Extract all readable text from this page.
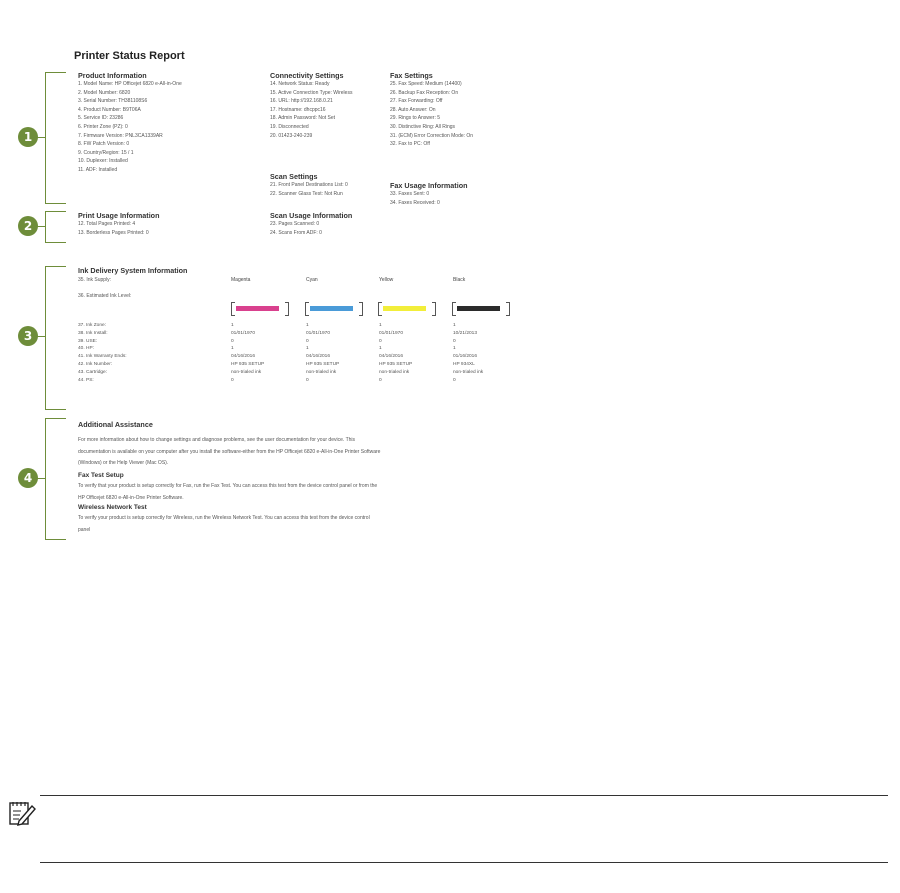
Printer Status Report
1
2
3
4
Product Information
1. Model Name: HP Officejet 6820 e-All-in-One
2. Model Number: 6820
3. Serial Number: TH381108S6
4. Product Number: B9T06A
5. Service ID: 23286
6. Printer Zone (PZ): 0
7. Firmware Version: PNL3CA1339AR
8. FW Patch Version: 0
9. Country/Region: 15 / 1
10. Duplexer: Installed
11. ADF: Installed
Connectivity Settings
14. Network Status: Ready
15. Active Connection Type: Wireless
16. URL: http://192.168.0.21
17. Hostname: dhcppc16
18. Admin Password: Not Set
19. Disconnected
20. 01423-240-239
Fax Settings
25. Fax Speed: Medium (14400)
26. Backup Fax Reception: On
27. Fax Forwarding: Off
28. Auto Answer: On
29. Rings to Answer: 5
30. Distinctive Ring: All Rings
31. (ECM) Error Correction Mode: On
32. Fax to PC: Off
Scan Settings
21. Front Panel Destinations List: 0
22. Scanner Glass Test: Not Run
Fax Usage Information
33. Faxes Sent: 0
34. Faxes Received: 0
Print Usage Information
12. Total Pages Printed: 4
13. Borderless Pages Printed: 0
Scan Usage Information
23. Pages Scanned: 0
24. Scans From ADF: 0
Ink Delivery System Information
35. Ink Supply:
36. Estimated Ink Level:
Magenta	Cyan	Yellow	Black
37. Ink Zone:	1	1	1	1
38. Ink Install:	01/01/1970	01/01/1970	01/01/1970	10/21/2013
39. USE:	0	0	0	0
40. HP:	1	1	1	1
41. Ink Warranty Ends:	04/16/2016	04/16/2016	04/16/2016	01/16/2016
42. Ink Number:	HP 935 SETUP	HP 935 SETUP	HP 935 SETUP	HP 934XL
43. Cartridge:	non-trialed ink	non-trialed ink	non-trialed ink	non-trialed ink
44. PS:	0	0	0	0
Additional Assistance
For more information about how to change settings and diagnose problems, see the user documentation for your device. This
documentation is available on your computer after you install the software-either from the HP Officejet 6820 e-All-in-One Printer Software
(Windows) or the Help Viewer (Mac OS).
Fax Test Setup
To verify that your product is setup correctly for Fax, run the Fax Test. You can access this test from the device control panel or from the
HP Officejet 6820 e-All-in-One Printer Software.
Wireless Network Test
To verify your product is setup correctly for Wireless, run the Wireless Network Test. You can access this test from the device control
panel
